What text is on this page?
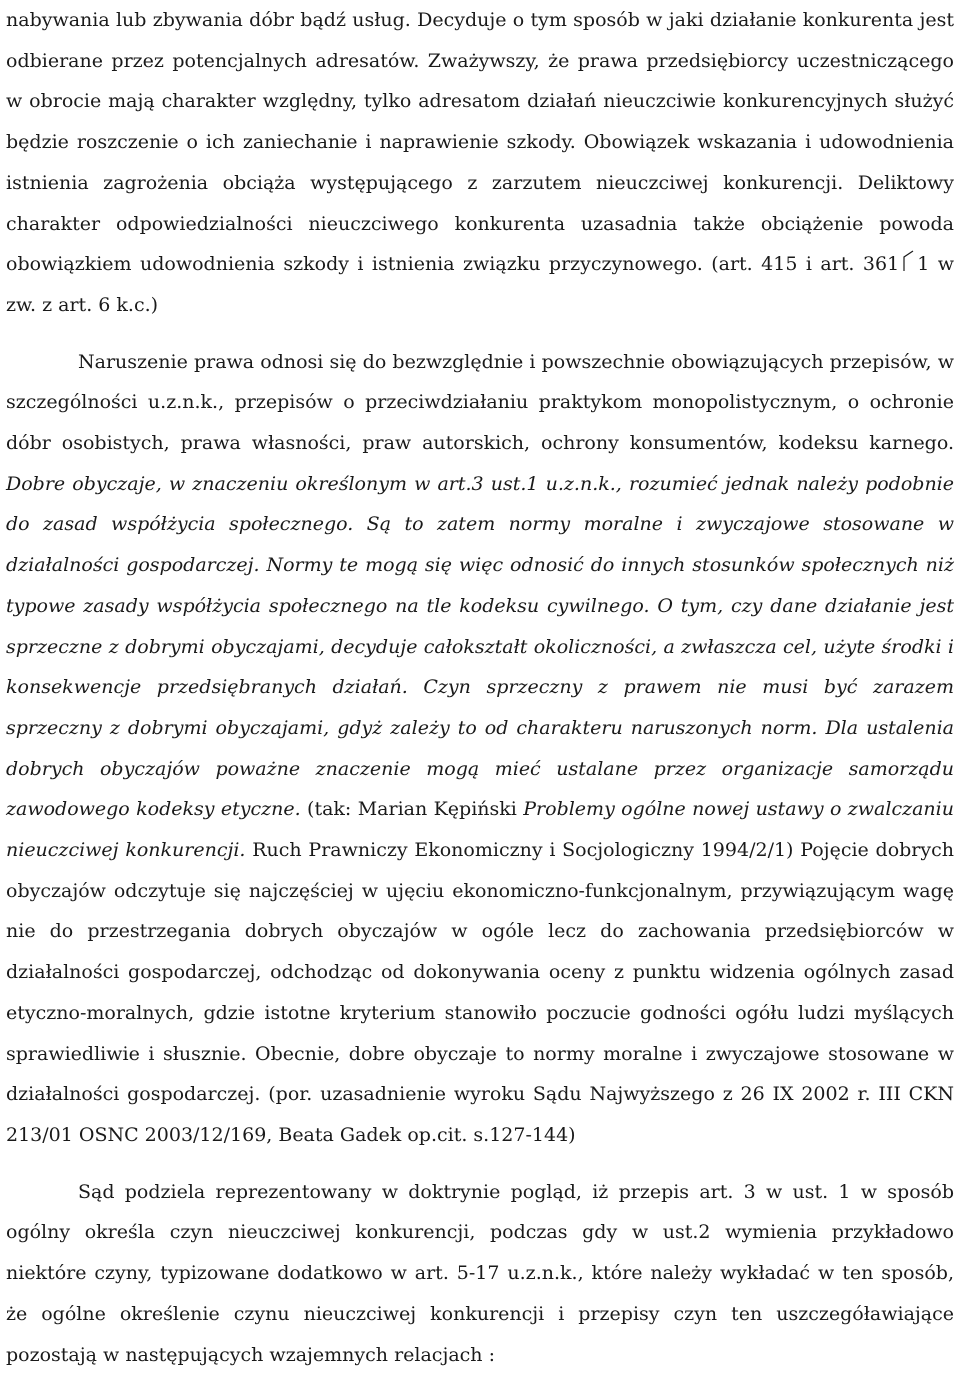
nabywania lub zbywania dóbr bądź usług. Decyduje o tym sposób w jaki działanie konkurenta jest odbierane przez potencjalnych adresatów. Zważywszy, że prawa przedsiębiorcy uczestniczącego w obrocie mają charakter względny, tylko adresatom działań nieuczciwie konkurencyjnych służyć będzie roszczenie o ich zaniechanie i naprawienie szkody. Obowiązek wskazania i udowodnienia istnienia zagrożenia obciąża występującego z zarzutem nieuczciwej konkurencji. Deliktowy charakter odpowiedzialności nieuczciwego konkurenta uzasadnia także obciążenie powoda obowiązkiem udowodnienia szkody i istnienia związku przyczynowego. (art. 415 i art. 361 1 w zw. z art. 6 k.c.)

Naruszenie prawa odnosi się do bezwzględnie i powszechnie obowiązujących przepisów, w szczególności u.z.n.k., przepisów o przeciwdziałaniu praktykom monopolistycznym, o ochronie dóbr osobistych, prawa własności, praw autorskich, ochrony konsumentów, kodeksu karnego. Dobre obyczaje, w znaczeniu określonym w art.3 ust.1 u.z.n.k., rozumieć jednak należy podobnie do zasad współżycia społecznego. Są to zatem normy moralne i zwyczajowe stosowane w działalności gospodarczej. Normy te mogą się więc odnosić do innych stosunków społecznych niż typowe zasady współżycia społecznego na tle kodeksu cywilnego. O tym, czy dane działanie jest sprzeczne z dobrymi obyczajami, decyduje całokształt okoliczności, a zwłaszcza cel, użyte środki i konsekwencje przedsiębranych działań. Czyn sprzeczny z prawem nie musi być zarazem sprzeczny z dobrymi obyczajami, gdyż zależy to od charakteru naruszonych norm. Dla ustalenia dobrych obyczajów poważne znaczenie mogą mieć ustalane przez organizacje samorządu zawodowego kodeksy etyczne. (tak: Marian Kępiński Problemy ogólne nowej ustawy o zwalczaniu nieuczciwej konkurencji. Ruch Prawniczy Ekonomiczny i Socjologiczny 1994/2/1) Pojęcie dobrych obyczajów odczytuje się najczęściej w ujęciu ekonomiczno-funkcjonalnym, przywiązującym wagę nie do przestrzegania dobrych obyczajów w ogóle lecz do zachowania przedsiębiorców w działalności gospodarczej, odchodząc od dokonywania oceny z punktu widzenia ogólnych zasad etyczno-moralnych, gdzie istotne kryterium stanowiło poczucie godności ogółu ludzi myślących sprawiedliwie i słusznie. Obecnie, dobre obyczaje to normy moralne i zwyczajowe stosowane w działalności gospodarczej. (por. uzasadnienie wyroku Sądu Najwyższego z 26 IX 2002 r. III CKN 213/01 OSNC 2003/12/169, Beata Gadek op.cit. s.127-144)

Sąd podziela reprezentowany w doktrynie pogląd, iż przepis art. 3 w ust. 1 w sposób ogólny określa czyn nieuczciwej konkurencji, podczas gdy w ust.2 wymienia przykładowo niektóre czyny, typizowane dodatkowo w art. 5-17 u.z.n.k., które należy wykładać w ten sposób, że ogólne określenie czynu nieuczciwej konkurencji i przepisy czyn ten uszczegóławiające pozostają w następujących wzajemnych relacjach :
